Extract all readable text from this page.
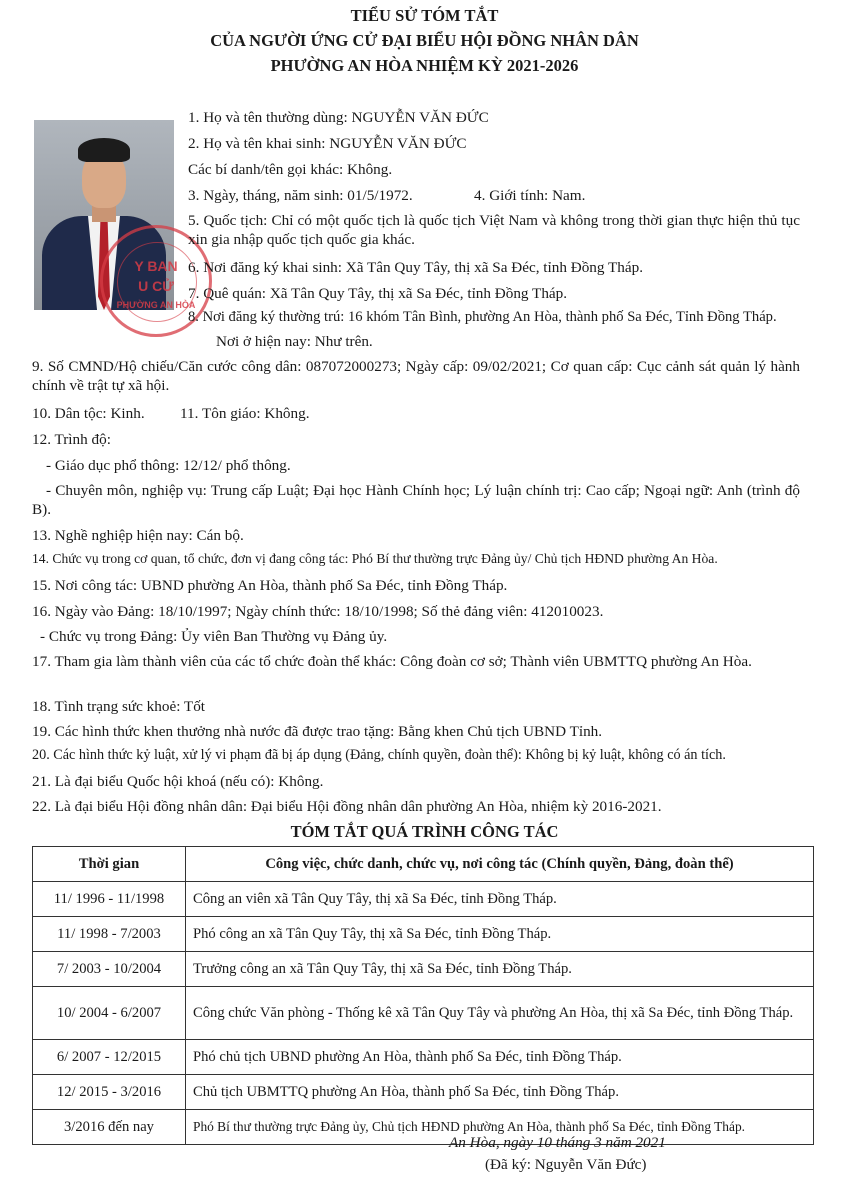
TIỂU SỬ TÓM TẮT
CỦA NGƯỜI ỨNG CỬ ĐẠI BIỂU HỘI ĐỒNG NHÂN DÂN
PHƯỜNG AN HÒA NHIỆM KỲ 2021-2026
Y BAN
U CỬ
PHƯỜNG AN HÒA
1. Họ và tên thường dùng: NGUYỄN VĂN ĐỨC
2. Họ và tên khai sinh: NGUYỄN VĂN ĐỨC
Các bí danh/tên gọi khác: Không.
3. Ngày, tháng, năm sinh: 01/5/1972.	4. Giới tính: Nam.
5. Quốc tịch: Chỉ có một quốc tịch là quốc tịch Việt Nam và không trong thời gian thực hiện thủ tục xin gia nhập quốc tịch quốc gia khác.
6. Nơi đăng ký khai sinh: Xã Tân Quy Tây, thị xã Sa Đéc, tỉnh Đồng Tháp.
7. Quê quán: Xã Tân Quy Tây, thị xã Sa Đéc, tỉnh Đồng Tháp.
8. Nơi đăng ký thường trú: 16 khóm Tân Bình, phường An Hòa, thành phố Sa Đéc, Tỉnh Đồng Tháp.
Nơi ở hiện nay: Như trên.
9. Số CMND/Hộ chiếu/Căn cước công dân: 087072000273; Ngày cấp: 09/02/2021; Cơ quan cấp: Cục cảnh sát quản lý hành chính về trật tự xã hội.
10. Dân tộc: Kinh. 11. Tôn giáo: Không.
12. Trình độ:
- Giáo dục phổ thông: 12/12/ phổ thông.
- Chuyên môn, nghiệp vụ: Trung cấp Luật; Đại học Hành Chính học; Lý luận chính trị: Cao cấp; Ngoại ngữ: Anh (trình độ B).
13. Nghề nghiệp hiện nay: Cán bộ.
14. Chức vụ trong cơ quan, tổ chức, đơn vị đang công tác: Phó Bí thư thường trực Đảng ủy/ Chủ tịch HĐND phường An Hòa.
15. Nơi công tác: UBND phường An Hòa, thành phố Sa Đéc, tỉnh Đồng Tháp.
16. Ngày vào Đảng: 18/10/1997; Ngày chính thức: 18/10/1998; Số thẻ đảng viên: 412010023.
- Chức vụ trong Đảng: Ủy viên Ban Thường vụ Đảng ủy.
17. Tham gia làm thành viên của các tổ chức đoàn thể khác: Công đoàn cơ sở; Thành viên UBMTTQ phường An Hòa.
18. Tình trạng sức khoẻ: Tốt
19. Các hình thức khen thưởng nhà nước đã được trao tặng: Bằng khen Chủ tịch UBND Tỉnh.
20. Các hình thức kỷ luật, xử lý vi phạm đã bị áp dụng (Đảng, chính quyền, đoàn thể): Không bị kỷ luật, không có án tích.
21. Là đại biểu Quốc hội khoá (nếu có): Không.
22. Là đại biểu Hội đồng nhân dân: Đại biểu Hội đồng nhân dân phường An Hòa, nhiệm kỳ 2016-2021.
TÓM TẮT QUÁ TRÌNH CÔNG TÁC
Thời gian	Công việc, chức danh, chức vụ, nơi công tác (Chính quyền, Đảng, đoàn thể)
11/ 1996 - 11/1998	Công an viên xã Tân Quy Tây, thị xã Sa Đéc, tỉnh Đồng Tháp.
11/ 1998 - 7/2003	Phó công an xã Tân Quy Tây, thị xã Sa Đéc, tỉnh Đồng Tháp.
7/ 2003 - 10/2004	Trưởng công an xã Tân Quy Tây, thị xã Sa Đéc, tỉnh Đồng Tháp.
10/ 2004 - 6/2007	Công chức Văn phòng - Thống kê xã Tân Quy Tây và phường An Hòa, thị xã Sa Đéc, tỉnh Đồng Tháp.
6/ 2007 - 12/2015	Phó chủ tịch UBND phường An Hòa, thành phố Sa Đéc, tỉnh Đồng Tháp.
12/ 2015 - 3/2016	Chủ tịch UBMTTQ phường An Hòa, thành phố Sa Đéc, tỉnh Đồng Tháp.
3/2016 đến nay	Phó Bí thư thường trực Đảng ủy, Chủ tịch HĐND phường An Hòa, thành phố Sa Đéc, tỉnh Đồng Tháp.
An Hòa, ngày 10 tháng 3 năm 2021
(Đã ký: Nguyễn Văn Đức)
